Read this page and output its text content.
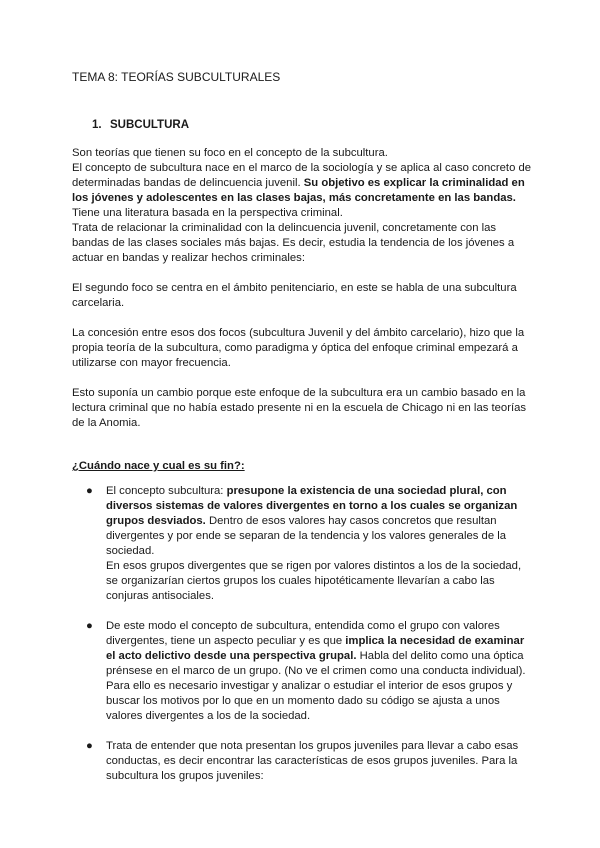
TEMA 8: TEORÍAS SUBCULTURALES
1. SUBCULTURA

Son teorías que tienen su foco en el concepto de la subcultura.

El concepto de subcultura nace en el marco de la sociología y se aplica al caso concreto de determinadas bandas de delincuencia juvenil. Su objetivo es explicar la criminalidad en los jóvenes y adolescentes en las clases bajas, más concretamente en las bandas.

Tiene una literatura basada en la perspectiva criminal.

Trata de relacionar la criminalidad con la delincuencia juvenil, concretamente con las bandas de las clases sociales más bajas. Es decir, estudia la tendencia de los jóvenes a actuar en bandas y realizar hechos criminales:

El segundo foco se centra en el ámbito penitenciario, en este se habla de una subcultura carcelaria.

La concesión entre esos dos focos (subcultura Juvenil y del ámbito carcelario), hizo que la propia teoría de la subcultura, como paradigma y óptica del enfoque criminal empezará a utilizarse con mayor frecuencia.

Esto suponía un cambio porque este enfoque de la subcultura era un cambio basado en la lectura criminal que no había estado presente ni en la escuela de Chicago ni en las teorías de la Anomia.

¿Cuándo nace y cual es su fin?:
● El concepto subcultura: presupone la existencia de una sociedad plural, con diversos sistemas de valores divergentes en torno a los cuales se organizan grupos desviados. Dentro de esos valores hay casos concretos que resultan divergentes y por ende se separan de la tendencia y los valores generales de la sociedad.

En esos grupos divergentes que se rigen por valores distintos a los de la sociedad, se organizarían ciertos grupos los cuales hipotéticamente llevarían a cabo las conjuras antisociales.

● De este modo el concepto de subcultura, entendida como el grupo con valores divergentes, tiene un aspecto peculiar y es que implica la necesidad de examinar el acto delictivo desde una perspectiva grupal. Habla del delito como una óptica prénsese en el marco de un grupo. (No ve el crimen como una conducta individual). Para ello es necesario investigar y analizar o estudiar el interior de esos grupos y buscar los motivos por lo que en un momento dado su código se ajusta a unos valores divergentes a los de la sociedad.

● Trata de entender que nota presentan los grupos juveniles para llevar a cabo esas conductas, es decir encontrar las características de esos grupos juveniles. Para la subcultura los grupos juveniles:
